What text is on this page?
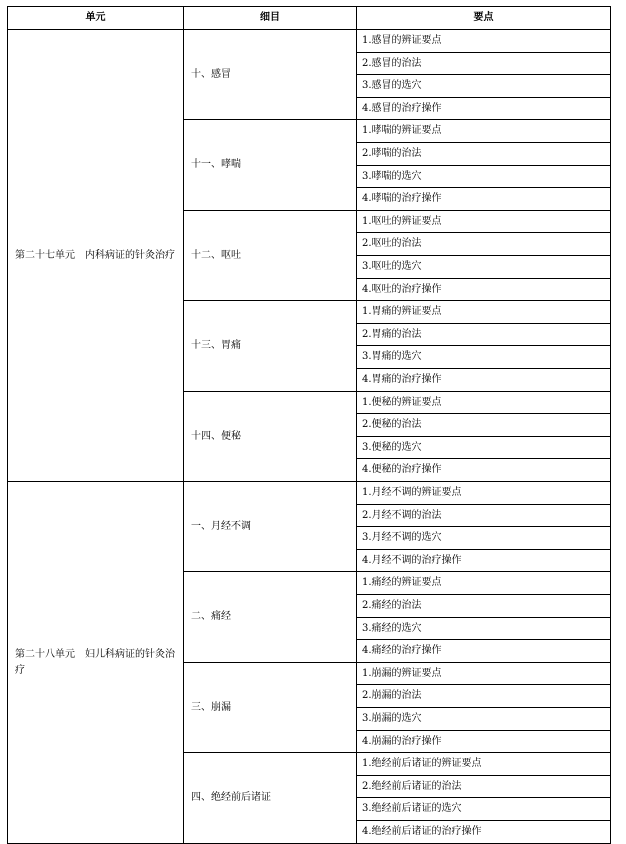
单元	细目	要点
1.感冒的辨证要点
2.感冒的治法
3.感冒的选穴
4.感冒的治疗操作
十、感冒
1.哮喘的辨证要点
2.哮喘的治法
3.哮喘的选穴
4.哮喘的治疗操作
十一、哮喘
1.呕吐的辨证要点
2.呕吐的治法
3.呕吐的选穴
4.呕吐的治疗操作
十二、呕吐
1.胃痛的辨证要点
2.胃痛的治法
3.胃痛的选穴
4.胃痛的治疗操作
十三、胃痛
1.便秘的辨证要点
2.便秘的治法
3.便秘的选穴
4.便秘的治疗操作
十四、便秘
第二十七单元　内科病证的针灸治疗
1.月经不调的辨证要点
2.月经不调的治法
3.月经不调的选穴
4.月经不调的治疗操作
一、月经不调
1.痛经的辨证要点
2.痛经的治法
3.痛经的选穴
4.痛经的治疗操作
二、痛经
1.崩漏的辨证要点
2.崩漏的治法
3.崩漏的选穴
4.崩漏的治疗操作
三、崩漏
1.绝经前后诸证的辨证要点
2.绝经前后诸证的治法
3.绝经前后诸证的选穴
4.绝经前后诸证的治疗操作
四、绝经前后诸证
第二十八单元　妇儿科病证的针灸治疗
